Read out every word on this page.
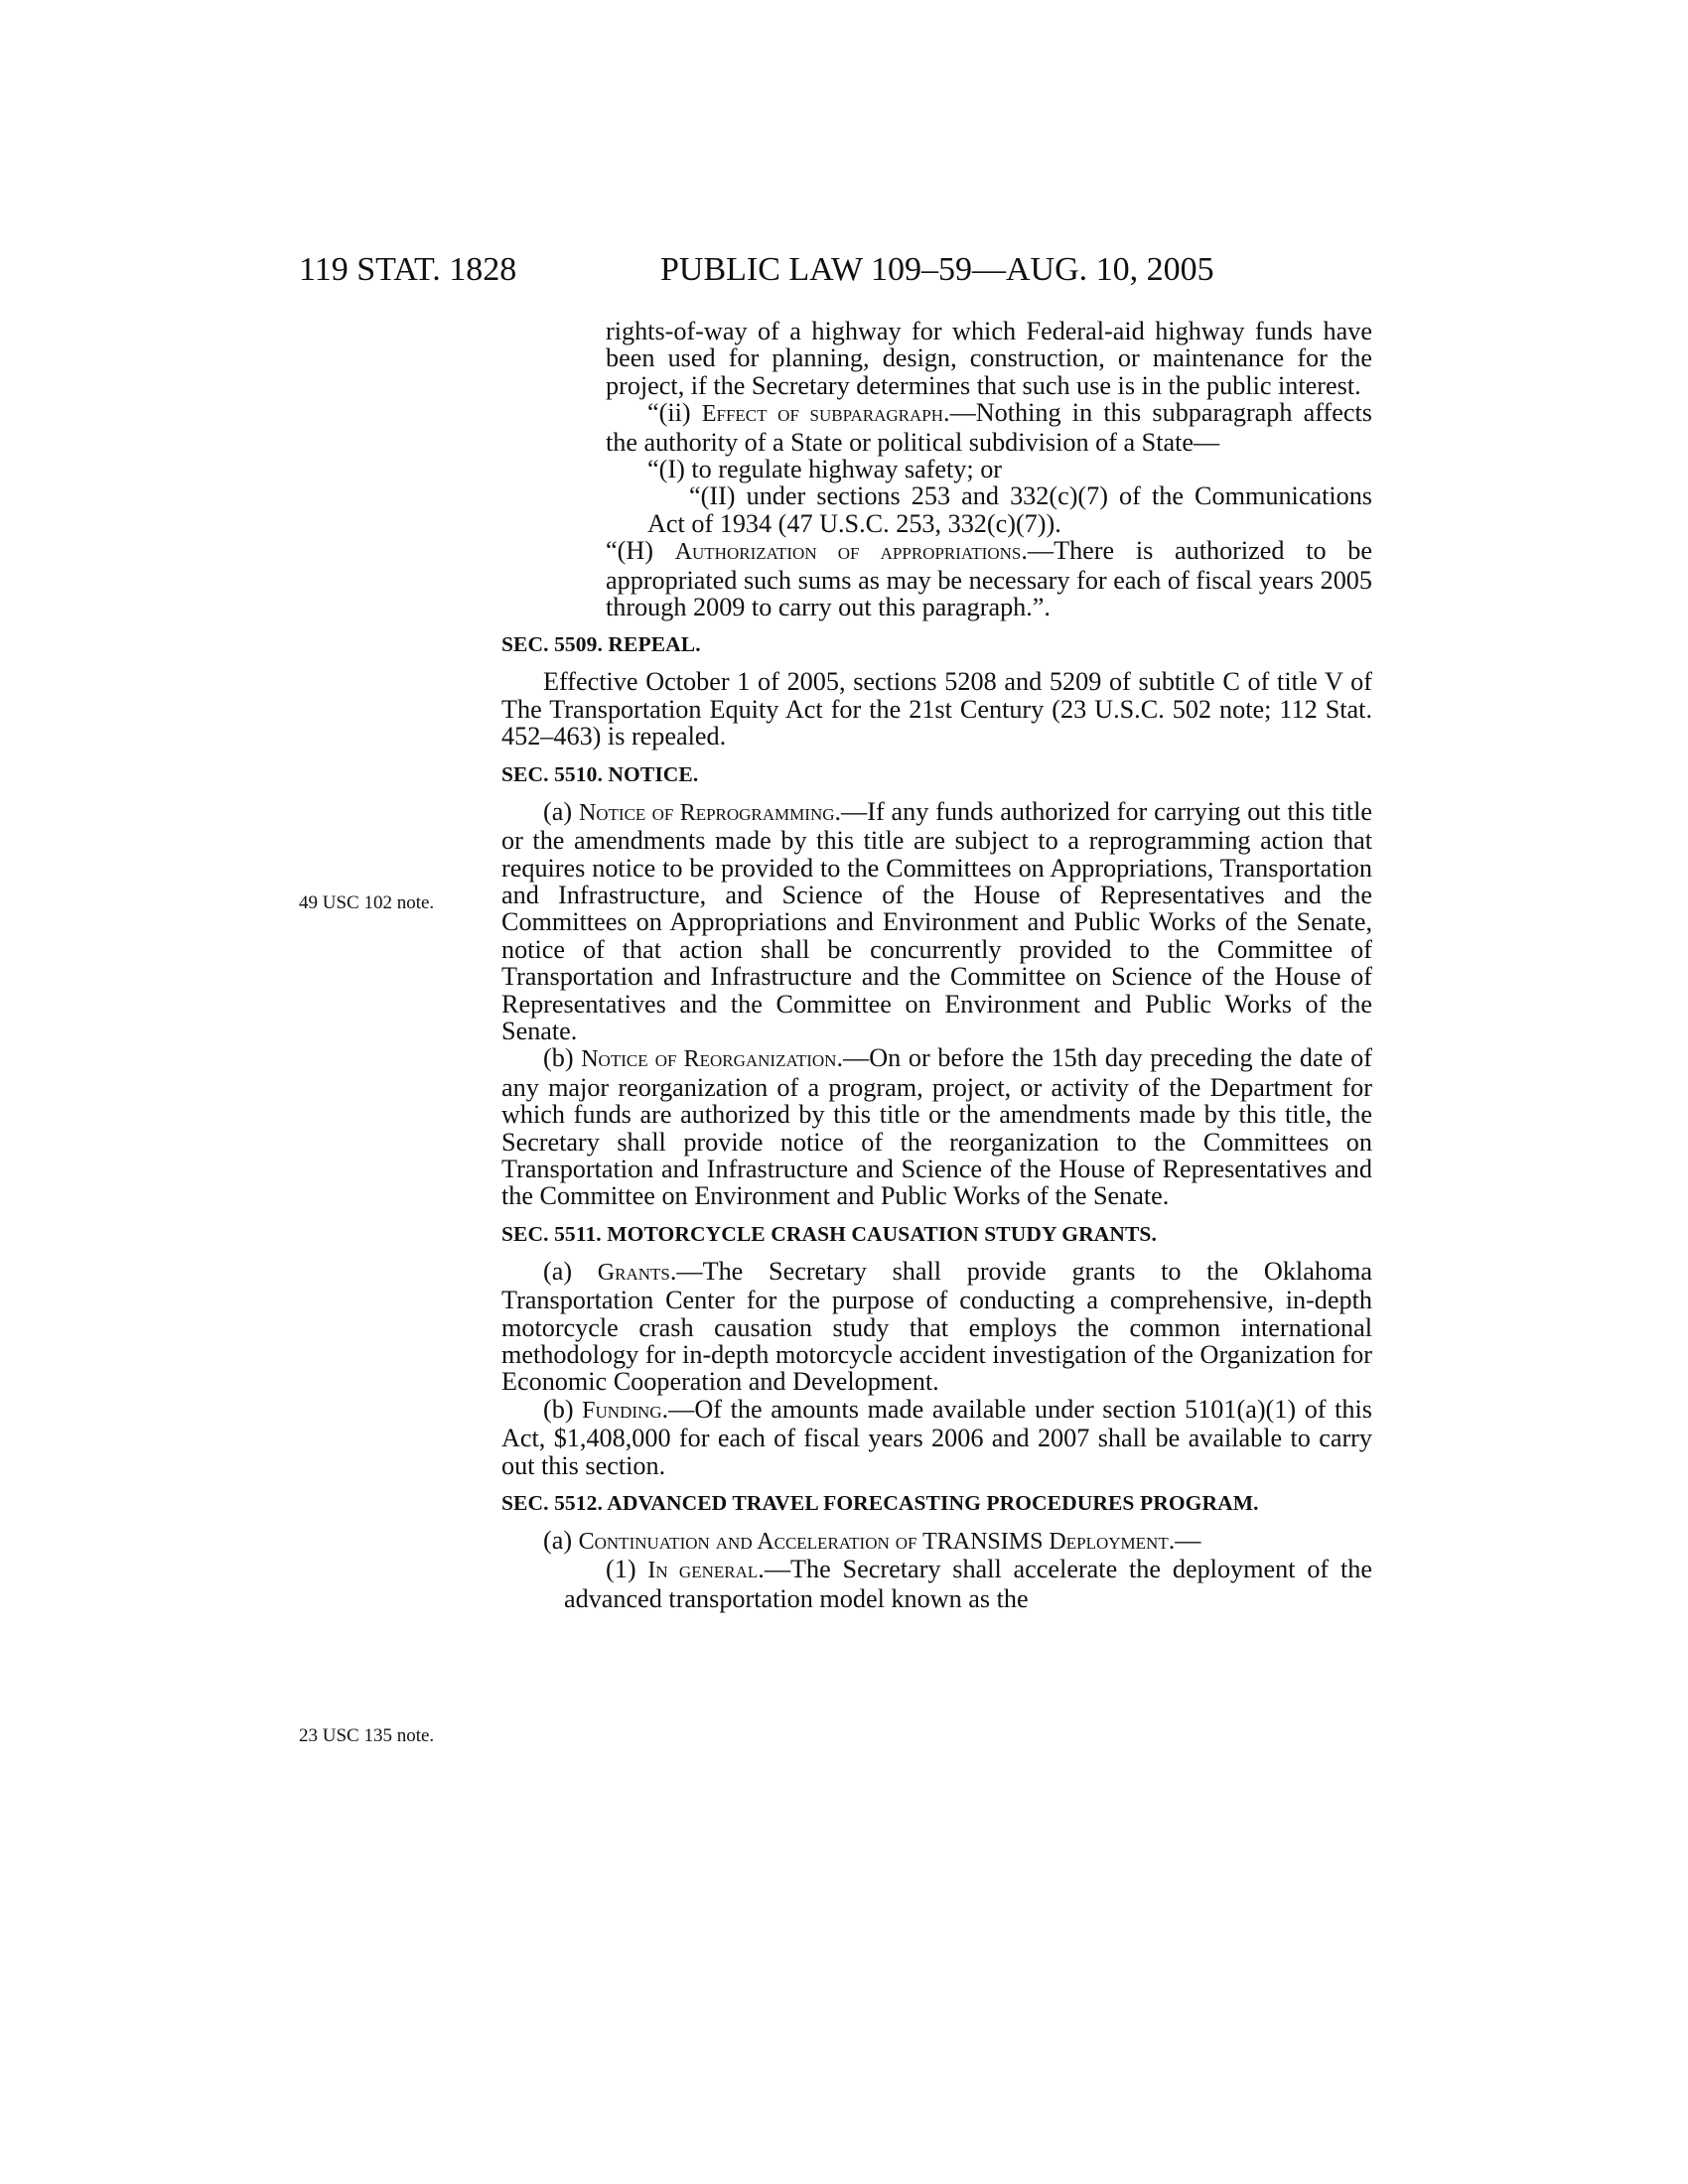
119 STAT. 1828	PUBLIC LAW 109–59—AUG. 10, 2005
49 USC 102 note.
23 USC 135 note.

rights-of-way of a highway for which Federal-aid highway funds have been used for planning, design, construction, or maintenance for the project, if the Secretary determines that such use is in the public interest.

“(ii) Effect of subparagraph.—Nothing in this subparagraph affects the authority of a State or political subdivision of a State—

“(I) to regulate highway safety; or

“(II) under sections 253 and 332(c)(7) of the Communications Act of 1934 (47 U.S.C. 253, 332(c)(7)).

“(H) Authorization of appropriations.—There is authorized to be appropriated such sums as may be necessary for each of fiscal years 2005 through 2009 to carry out this paragraph.”.

SEC. 5509. REPEAL.

Effective October 1 of 2005, sections 5208 and 5209 of subtitle C of title V of The Transportation Equity Act for the 21st Century (23 U.S.C. 502 note; 112 Stat. 452–463) is repealed.

SEC. 5510. NOTICE.

(a) Notice of Reprogramming.—If any funds authorized for carrying out this title or the amendments made by this title are subject to a reprogramming action that requires notice to be provided to the Committees on Appropriations, Transportation and Infrastructure, and Science of the House of Representatives and the Committees on Appropriations and Environment and Public Works of the Senate, notice of that action shall be concurrently provided to the Committee of Transportation and Infrastructure and the Committee on Science of the House of Representatives and the Committee on Environment and Public Works of the Senate.

(b) Notice of Reorganization.—On or before the 15th day preceding the date of any major reorganization of a program, project, or activity of the Department for which funds are authorized by this title or the amendments made by this title, the Secretary shall provide notice of the reorganization to the Committees on Transportation and Infrastructure and Science of the House of Representatives and the Committee on Environment and Public Works of the Senate.

SEC. 5511. MOTORCYCLE CRASH CAUSATION STUDY GRANTS.

(a) Grants.—The Secretary shall provide grants to the Oklahoma Transportation Center for the purpose of conducting a comprehensive, in-depth motorcycle crash causation study that employs the common international methodology for in-depth motorcycle accident investigation of the Organization for Economic Cooperation and Development.

(b) Funding.—Of the amounts made available under section 5101(a)(1) of this Act, $1,408,000 for each of fiscal years 2006 and 2007 shall be available to carry out this section.

SEC. 5512. ADVANCED TRAVEL FORECASTING PROCEDURES PROGRAM.

(a) Continuation and Acceleration of TRANSIMS Deployment.—

(1) In general.—The Secretary shall accelerate the deployment of the advanced transportation model known as the
